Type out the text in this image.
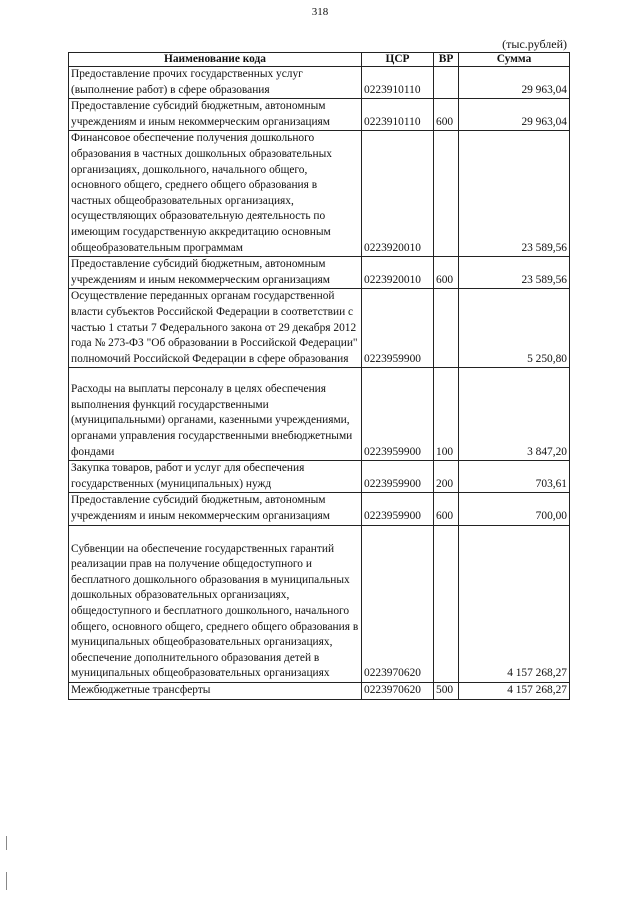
318
(тыс.рублей)
Наименование кода	ЦСР	ВР	Сумма
Предоставление прочих государственных услуг (выполнение работ) в сфере образования	0223910110		29 963,04
Предоставление субсидий бюджетным, автономным учреждениям и иным некоммерческим организациям	0223910110	600	29 963,04
Финансовое обеспечение получения дошкольного образования в частных дошкольных образовательных организациях, дошкольного, начального общего, основного общего, среднего общего образования в частных общеобразовательных организациях, осуществляющих образовательную деятельность по имеющим государственную аккредитацию основным общеобразовательным программам	0223920010		23 589,56
Предоставление субсидий бюджетным, автономным учреждениям и иным некоммерческим организациям	0223920010	600	23 589,56
Осуществление переданных органам государственной власти субъектов Российской Федерации в соответствии с частью 1 статьи 7 Федерального закона от 29 декабря 2012 года № 273-ФЗ "Об образовании в Российской Федерации" полномочий Российской Федерации в сфере образования	0223959900		5 250,80
Расходы на выплаты персоналу в целях обеспечения выполнения функций государственными (муниципальными) органами, казенными учреждениями, органами управления государственными внебюджетными фондами	0223959900	100	3 847,20
Закупка товаров, работ и услуг для обеспечения государственных (муниципальных) нужд	0223959900	200	703,61
Предоставление субсидий бюджетным, автономным учреждениям и иным некоммерческим организациям	0223959900	600	700,00
Субвенции на обеспечение государственных гарантий реализации прав на получение общедоступного и бесплатного дошкольного образования в муниципальных дошкольных образовательных организациях, общедоступного и бесплатного дошкольного, начального общего, основного общего, среднего общего образования в муниципальных общеобразовательных организациях, обеспечение дополнительного образования детей в муниципальных общеобразовательных организациях	0223970620		4 157 268,27
Межбюджетные трансферты	0223970620	500	4 157 268,27
